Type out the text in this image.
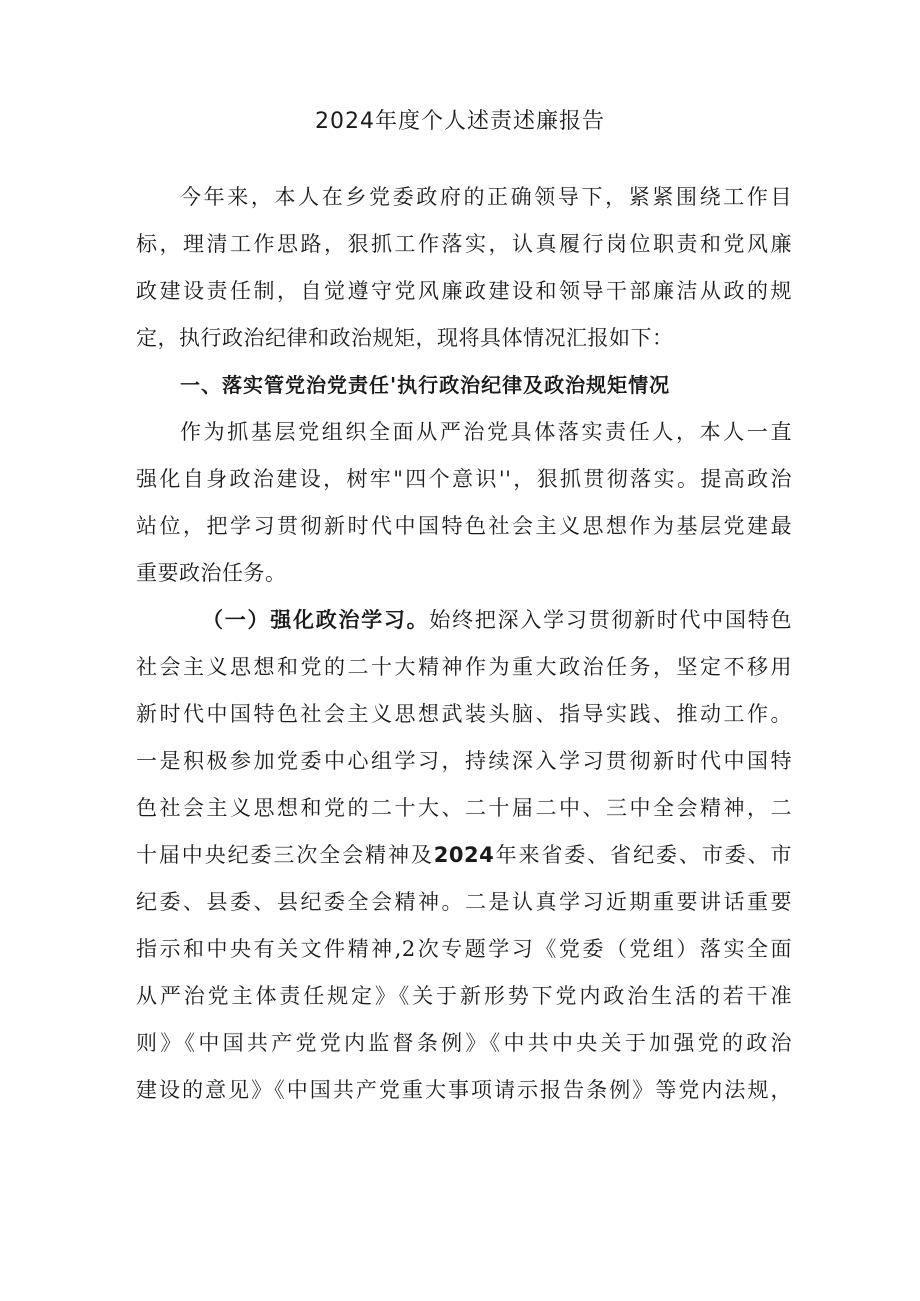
2024年度个人述责述廉报告
今年来，本人在乡党委政府的正确领导下，紧紧围绕工作目
标，理清工作思路，狠抓工作落实，认真履行岗位职责和党风廉
政建设责任制，自觉遵守党风廉政建设和领导干部廉洁从政的规
定，执行政治纪律和政治规矩，现将具体情况汇报如下：
一、落实管党治党责任'执行政治纪律及政治规矩情况
作为抓基层党组织全面从严治党具体落实责任人，本人一直
强化自身政治建设，树牢"四个意识''，狠抓贯彻落实。提高政治
站位，把学习贯彻新时代中国特色社会主义思想作为基层党建最
重要政治任务。
（一）强化政治学习。始终把深入学习贯彻新时代中国特色
社会主义思想和党的二十大精神作为重大政治任务，坚定不移用
新时代中国特色社会主义思想武装头脑、指导实践、推动工作。
一是积极参加党委中心组学习，持续深入学习贯彻新时代中国特
色社会主义思想和党的二十大、二十届二中、三中全会精神，二
十届中央纪委三次全会精神及2024年来省委、省纪委、市委、市
纪委、县委、县纪委全会精神。二是认真学习近期重要讲话重要
指示和中央有关文件精神,2次专题学习《党委（党组）落实全面
从严治党主体责任规定》《关于新形势下党内政治生活的若干准
则》《中国共产党党内监督条例》《中共中央关于加强党的政治
建设的意见》《中国共产党重大事项请示报告条例》等党内法规，
